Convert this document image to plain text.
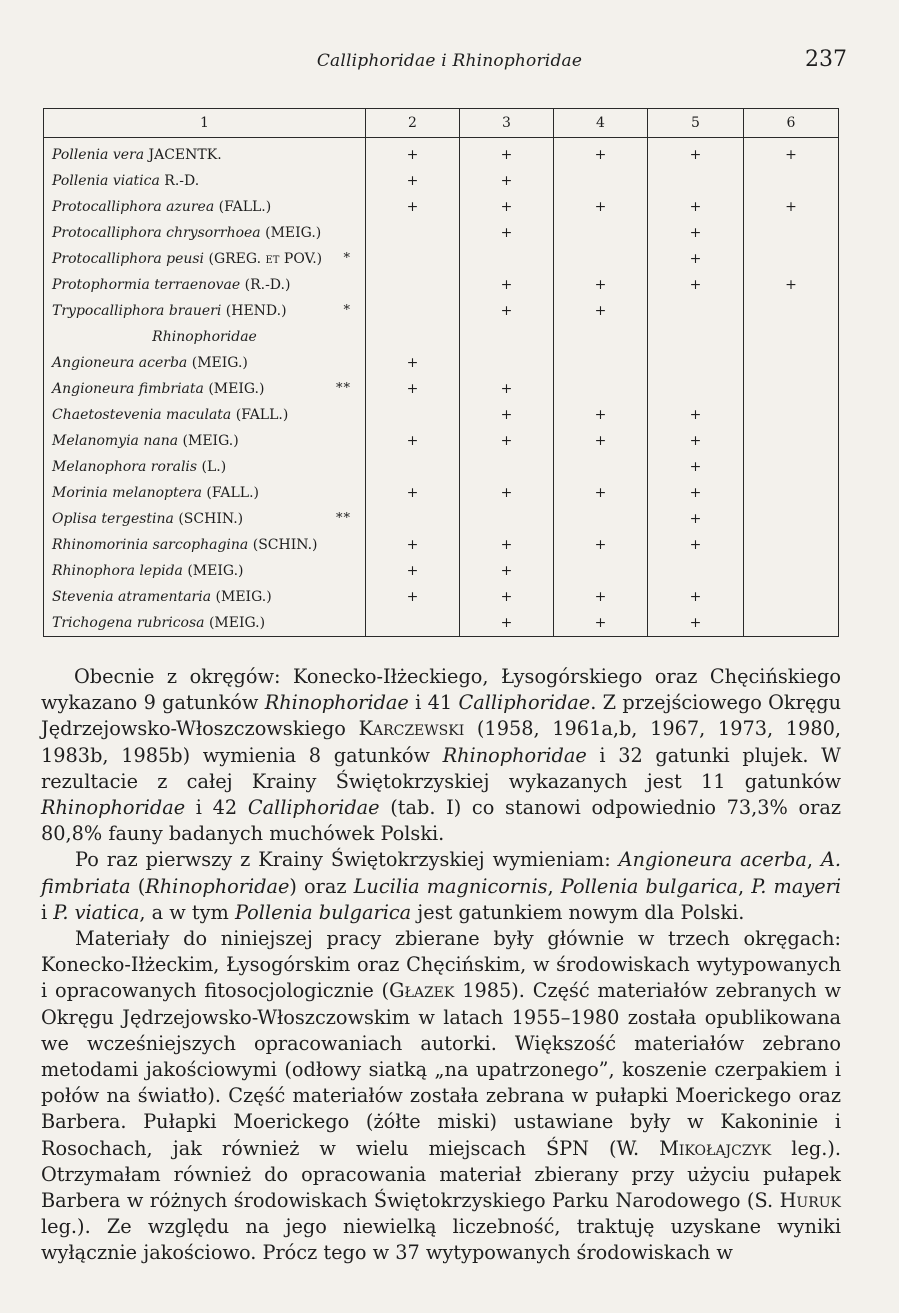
Calliphoridae i Rhinophoridae	237
1	2	3	4	5	6
Pollenia vera JACENTK.	+	+	+	+	+
Pollenia viatica R.-D.	+	+			
Protocalliphora azurea (FALL.)	+	+	+	+	+
Protocalliphora chrysorrhoea (MEIG.)		+		+	
Protocalliphora peusi (GREG. et POV.) *				+	
Protophormia terraenovae (R.-D.)		+	+	+	+
Trypocalliphora braueri (HEND.) *		+	+		
Rhinophoridae					
Angioneura acerba (MEIG.)	+				
Angioneura fimbriata (MEIG.) **	+	+			
Chaetostevenia maculata (FALL.)		+	+	+	
Melanomyia nana (MEIG.)	+	+	+	+	
Melanophora roralis (L.)				+	
Morinia melanoptera (FALL.)	+	+	+	+	
Oplisa tergestina (SCHIN.) **				+	
Rhinomorinia sarcophagina (SCHIN.)	+	+	+	+	
Rhinophora lepida (MEIG.)	+	+			
Stevenia atramentaria (MEIG.)	+	+	+	+	
Trichogena rubricosa (MEIG.)		+	+	+	

Obecnie z okręgów: Konecko-Iłżeckiego, Łysogórskiego oraz Chęcińskiego wykazano 9 gatunków Rhinophoridae i 41 Calliphoridae. Z przejściowego Okręgu Jędrzejowsko-Włoszczowskiego Karczewski (1958, 1961a,b, 1967, 1973, 1980, 1983b, 1985b) wymienia 8 gatunków Rhinophoridae i 32 gatunki plujek. W rezultacie z całej Krainy Świętokrzyskiej wykazanych jest 11 gatunków Rhinophoridae i 42 Calliphoridae (tab. I) co stanowi odpowiednio 73,3% oraz 80,8% fauny badanych muchówek Polski.

Po raz pierwszy z Krainy Świętokrzyskiej wymieniam: Angioneura acerba, A. fimbriata (Rhinophoridae) oraz Lucilia magnicornis, Pollenia bulgarica, P. mayeri i P. viatica, a w tym Pollenia bulgarica jest gatunkiem nowym dla Polski.

Materiały do niniejszej pracy zbierane były głównie w trzech okręgach: Konecko-Iłżeckim, Łysogórskim oraz Chęcińskim, w środowiskach wytypowanych i opracowanych fitosocjologicznie (Głazek 1985). Część materiałów zebranych w Okręgu Jędrzejowsko-Włoszczowskim w latach 1955–1980 została opublikowana we wcześniejszych opracowaniach autorki. Większość materiałów zebrano metodami jakościowymi (odłowy siatką „na upatrzonego”, koszenie czerpakiem i połów na światło). Część materiałów została zebrana w pułapki Moerickego oraz Barbera. Pułapki Moerickego (żółte miski) ustawiane były w Kakoninie i Rosochach, jak również w wielu miejscach ŚPN (W. Mikołajczyk leg.). Otrzymałam również do opracowania materiał zbierany przy użyciu pułapek Barbera w różnych środowiskach Świętokrzyskiego Parku Narodowego (S. Huruk leg.). Ze względu na jego niewielką liczebność, traktuję uzyskane wyniki wyłącznie jakościowo. Prócz tego w 37 wytypowanych środowiskach w
